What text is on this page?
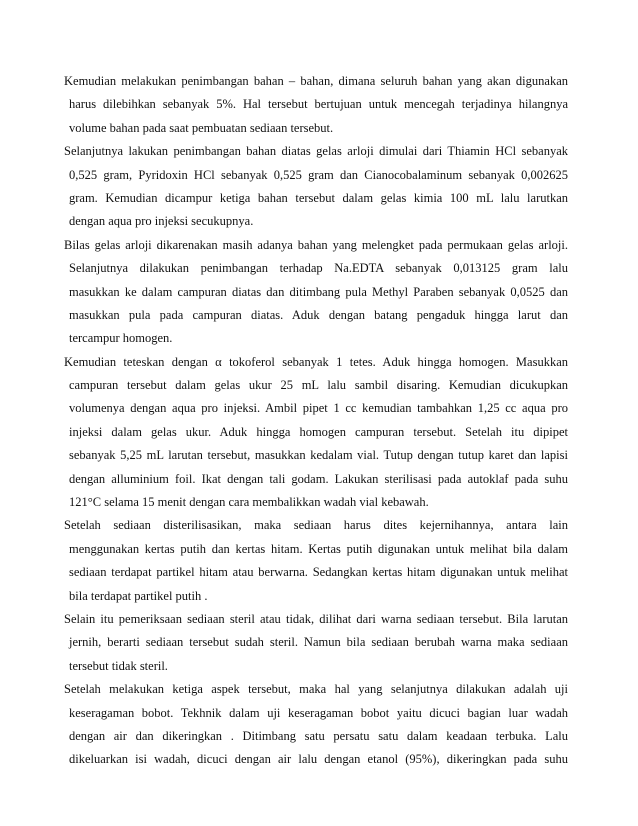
Kemudian melakukan penimbangan bahan – bahan, dimana seluruh bahan yang akan digunakan
harus dilebihkan sebanyak 5%. Hal tersebut bertujuan untuk mencegah terjadinya hilangnya
volume bahan pada saat pembuatan sediaan tersebut.

Selanjutnya lakukan penimbangan bahan diatas gelas arloji dimulai dari Thiamin HCl sebanyak
0,525 gram, Pyridoxin HCl sebanyak 0,525 gram dan Cianocobalaminum sebanyak 0,002625
gram. Kemudian dicampur ketiga bahan tersebut dalam gelas kimia 100 mL lalu larutkan
dengan aqua pro injeksi secukupnya.

Bilas gelas arloji dikarenakan masih adanya bahan yang melengket pada permukaan gelas arloji.
Selanjutnya dilakukan penimbangan terhadap Na.EDTA sebanyak 0,013125 gram lalu
masukkan ke dalam campuran diatas dan ditimbang pula Methyl Paraben sebanyak 0,0525 dan
masukkan pula pada campuran diatas. Aduk dengan batang pengaduk hingga larut dan
tercampur homogen.

Kemudian teteskan dengan α tokoferol sebanyak 1 tetes. Aduk hingga homogen. Masukkan
campuran tersebut dalam gelas ukur 25 mL lalu sambil disaring. Kemudian dicukupkan
volumenya dengan aqua pro injeksi. Ambil pipet 1 cc kemudian tambahkan 1,25 cc aqua pro
injeksi dalam gelas ukur. Aduk hingga homogen campuran tersebut. Setelah itu dipipet
sebanyak 5,25 mL larutan tersebut, masukkan kedalam vial. Tutup dengan tutup karet dan lapisi
dengan alluminium foil. Ikat dengan tali godam. Lakukan sterilisasi pada autoklaf pada suhu
121°C selama 15 menit dengan cara membalikkan wadah vial kebawah.

Setelah sediaan disterilisasikan, maka sediaan harus dites kejernihannya, antara lain
menggunakan kertas putih dan kertas hitam. Kertas putih digunakan untuk melihat bila dalam
sediaan terdapat partikel hitam atau berwarna. Sedangkan kertas hitam digunakan untuk melihat
bila terdapat partikel putih .

Selain itu pemeriksaan sediaan steril atau tidak, dilihat dari warna sediaan tersebut. Bila larutan
jernih, berarti sediaan tersebut sudah steril. Namun bila sediaan berubah warna maka sediaan
tersebut tidak steril.

Setelah melakukan ketiga aspek tersebut, maka hal yang selanjutnya dilakukan adalah uji
keseragaman bobot. Tekhnik dalam uji keseragaman bobot yaitu dicuci bagian luar wadah
dengan air dan dikeringkan . Ditimbang satu persatu satu dalam keadaan terbuka. Lalu
dikeluarkan isi wadah, dicuci dengan air lalu dengan etanol (95%), dikeringkan pada suhu
